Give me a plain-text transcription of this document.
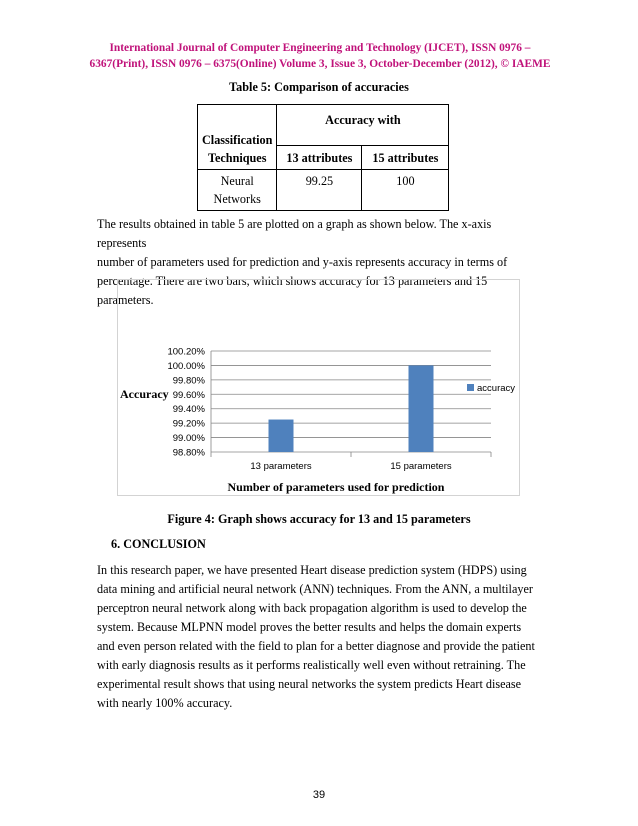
International Journal of Computer Engineering and Technology (IJCET), ISSN 0976 –
6367(Print), ISSN 0976 – 6375(Online) Volume 3, Issue 3, October-December (2012), © IAEME
Table 5: Comparison of accuracies
Classification Techniques	Accuracy with	
	13 attributes	15 attributes
Neural Networks	99.25	100
The results obtained in table 5 are plotted on a graph as shown below. The x-axis represents
number of parameters used for prediction and y-axis represents accuracy in terms of
percentage. There are two bars, which shows accuracy for 13 parameters and 15 parameters.
100.20%
100.00%
99.80%
99.60%
99.40%
99.20%
99.00%
98.80%
13 parameters	15 parameters
Accuracy
Number of parameters used for prediction
accuracy
Figure 4: Graph shows accuracy for 13 and 15 parameters
6. CONCLUSION
In this research paper, we have presented Heart disease prediction system (HDPS) using
data mining and artificial neural network (ANN) techniques. From the ANN, a multilayer
perceptron neural network along with back propagation algorithm is used to develop the
system. Because MLPNN model proves the better results and helps the domain experts
and even person related with the field to plan for a better diagnose and provide the patient
with early diagnosis results as it performs realistically well even without retraining. The
experimental result shows that using neural networks the system predicts Heart disease
with nearly 100% accuracy.
39
